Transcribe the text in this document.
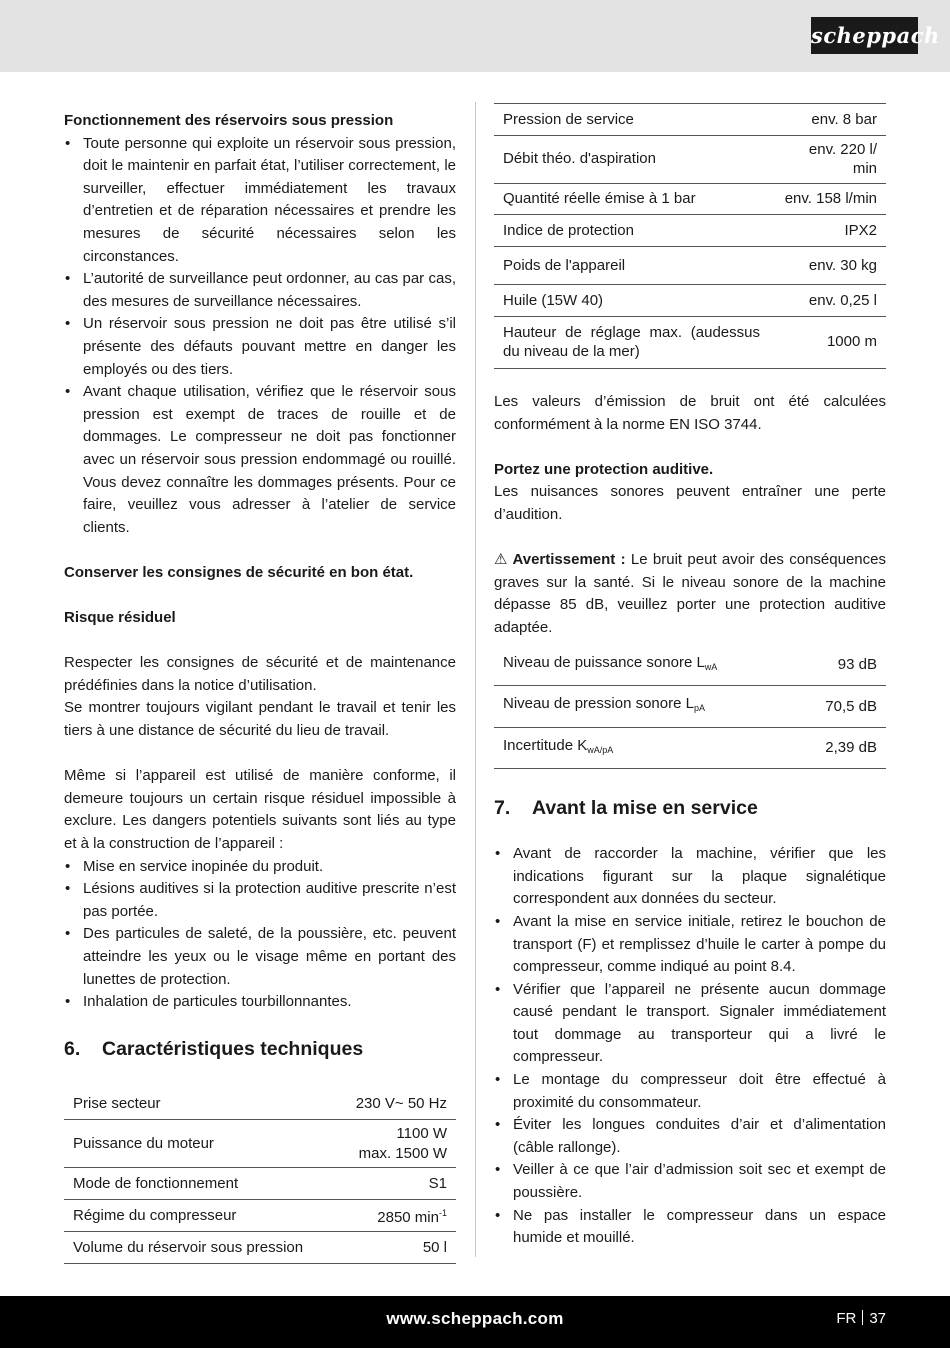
scheppach
Fonctionnement des réservoirs sous pression
• Toute personne qui exploite un réservoir sous pression, doit le maintenir en parfait état, l’utiliser correctement, le surveiller, effectuer immédiatement les travaux d’entretien et de réparation nécessaires et prendre les mesures de sécurité nécessaires selon les circonstances.
• L’autorité de surveillance peut ordonner, au cas par cas, des mesures de surveillance nécessaires.
• Un réservoir sous pression ne doit pas être utilisé s’il présente des défauts pouvant mettre en danger les employés ou des tiers.
• Avant chaque utilisation, vérifiez que le réservoir sous pression est exempt de traces de rouille et de dommages. Le compresseur ne doit pas fonctionner avec un réservoir sous pression endommagé ou rouillé. Vous devez connaître les dommages présents. Pour ce faire, veuillez vous adresser à l’atelier de service clients.
Conserver les consignes de sécurité en bon état.
Risque résiduel
Respecter les consignes de sécurité et de maintenance prédéfinies dans la notice d’utilisation.
Se montrer toujours vigilant pendant le travail et tenir les tiers à une distance de sécurité du lieu de travail.
Même si l’appareil est utilisé de manière conforme, il demeure toujours un certain risque résiduel impossible à exclure. Les dangers potentiels suivants sont liés au type et à la construction de l’appareil :
• Mise en service inopinée du produit.
• Lésions auditives si la protection auditive prescrite n’est pas portée.
• Des particules de saleté, de la poussière, etc. peuvent atteindre les yeux ou le visage même en portant des lunettes de protection.
• Inhalation de particules tourbillonnantes.
6.	Caractéristiques techniques
Prise secteur	230 V~ 50 Hz
Puissance du moteur	1100 W
max. 1500 W

Mode de fonctionnement	S1
Régime du compresseur	2850 $\min^{-1}$
Volume du réservoir sous pression	50 l
Pression de service	env. 8 bar
Débit théo. d'aspiration	env. 220 l/
min

Quantité réelle émise à 1 bar	env. 158 l/min
Indice de protection	IPX2
Poids de l'appareil	env. 30 kg
Huile (15W 40)	env. 0,25 l
Hauteur de réglage max. (audessus du niveau de la mer)	1000 m
Les valeurs d’émission de bruit ont été calculées conformément à la norme EN ISO 3744.
Portez une protection auditive.
Les nuisances sonores peuvent entraîner une perte d’audition.
⚠ Avertissement : Le bruit peut avoir des conséquences graves sur la santé. Si le niveau sonore de la machine dépasse 85 dB, veuillez porter une protection auditive adaptée.
Niveau de puissance sonore $L_{wA}$	93 dB
Niveau de pression sonore $L_{pA}$	70,5 dB
Incertitude $K_{wA/pA}$	2,39 dB
7.	Avant la mise en service
• Avant de raccorder la machine, vérifier que les indications figurant sur la plaque signalétique correspondent aux données du secteur.
• Avant la mise en service initiale, retirez le bouchon de transport (F) et remplissez d’huile le carter à pompe du compresseur, comme indiqué au point 8.4.
• Vérifier que l’appareil ne présente aucun dommage causé pendant le transport. Signaler immédiatement tout dommage au transporteur qui a livré le compresseur.
• Le montage du compresseur doit être effectué à proximité du consommateur.
• Éviter les longues conduites d’air et d’alimentation (câble rallonge).
• Veiller à ce que l’air d’admission soit sec et exempt de poussière.
• Ne pas installer le compresseur dans un espace humide et mouillé.
www.scheppach.com	FR 37
